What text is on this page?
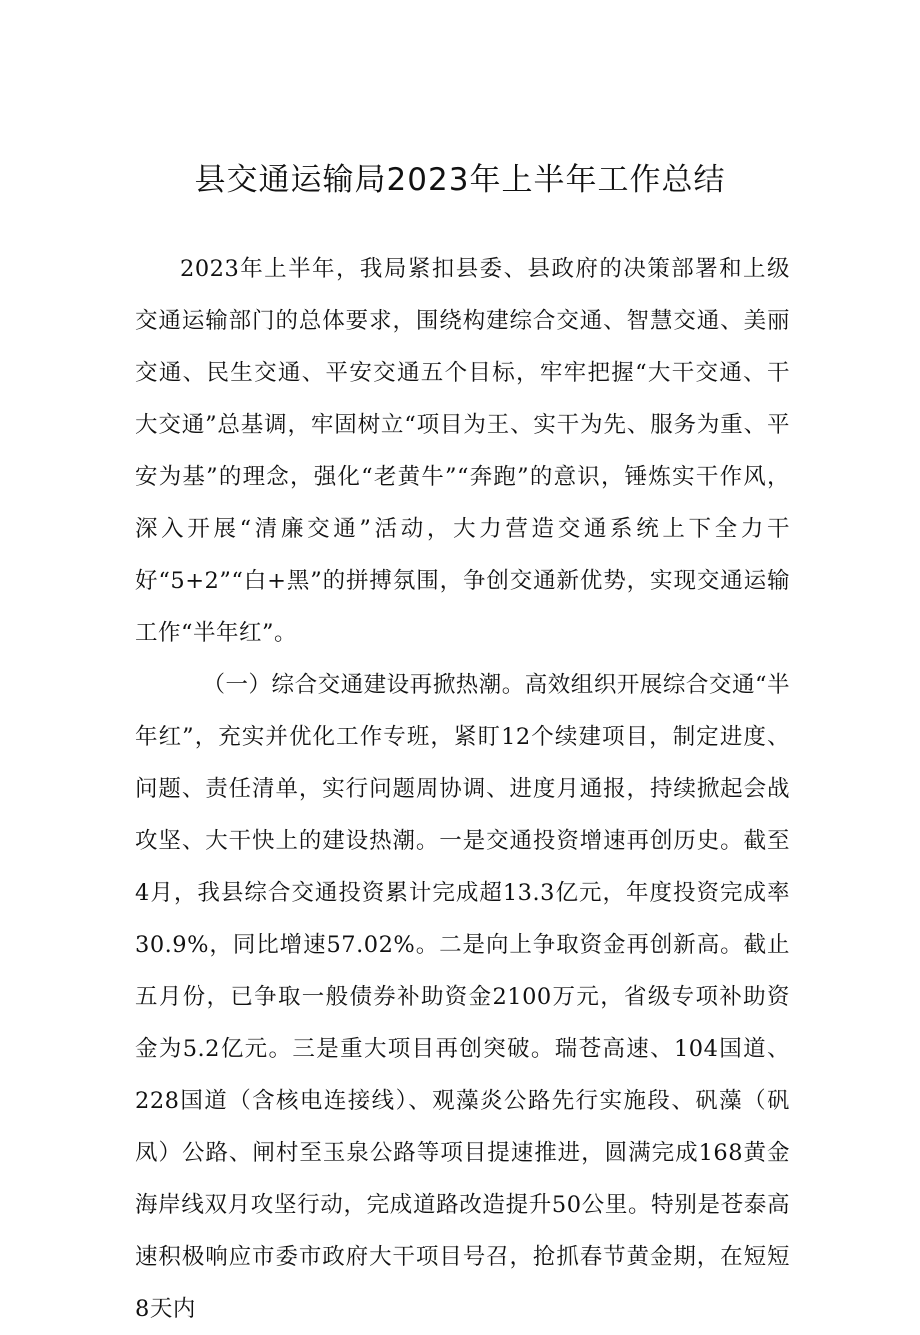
县交通运输局2023年上半年工作总结

2023年上半年，我局紧扣县委、县政府的决策部署和上级交通运输部门的总体要求，围绕构建综合交通、智慧交通、美丽交通、民生交通、平安交通五个目标，牢牢把握“大干交通、干大交通”总基调，牢固树立“项目为王、实干为先、服务为重、平安为基”的理念，强化“老黄牛”“奔跑”的意识，锤炼实干作风，深入开展“清廉交通”活动，大力营造交通系统上下全力干好“5+2”“白+黑”的拼搏氛围，争创交通新优势，实现交通运输工作“半年红”。

（一）综合交通建设再掀热潮。高效组织开展综合交通“半年红”，充实并优化工作专班，紧盯12个续建项目，制定进度、问题、责任清单，实行问题周协调、进度月通报，持续掀起会战攻坚、大干快上的建设热潮。一是交通投资增速再创历史。截至4月，我县综合交通投资累计完成超13.3亿元，年度投资完成率30.9%，同比增速57.02%。二是向上争取资金再创新高。截止五月份，已争取一般债券补助资金2100万元，省级专项补助资金为5.2亿元。三是重大项目再创突破。瑞苍高速、104国道、228国道（含核电连接线）、观藻炎公路先行实施段、矾藻（矾凤）公路、闸村至玉泉公路等项目提速推进，圆满完成168黄金海岸线双月攻坚行动，完成道路改造提升50公里。特别是苍泰高速积极响应市委市政府大干项目号召，抢抓春节黄金期，在短短8天内
